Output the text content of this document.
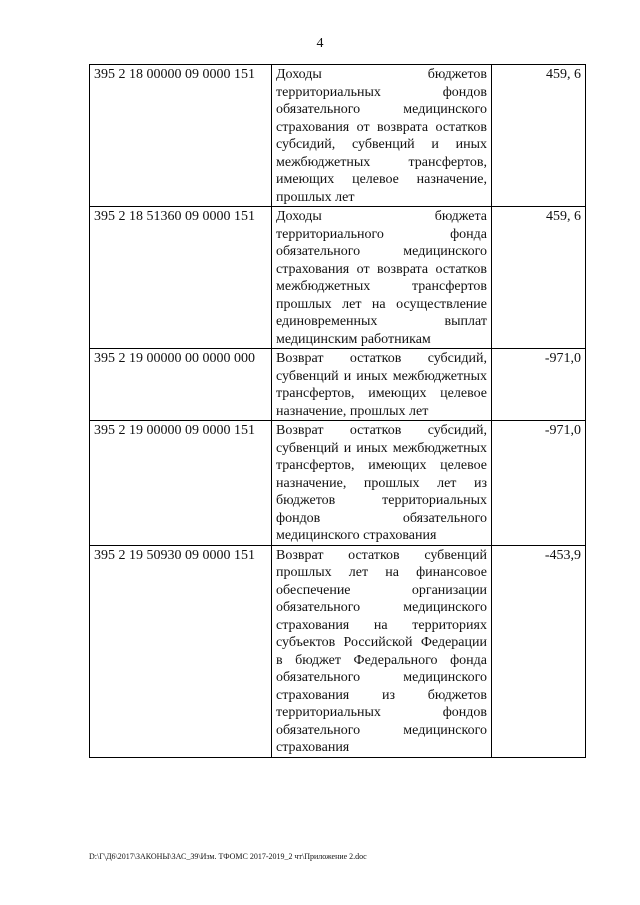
4
395 2 18 00000 09 0000 151	Доходы бюджетов территориальных фондов обязательного медицинского страхования от возврата остатков субсидий, субвенций и иных межбюджетных трансфертов, имеющих целевое назначение, прошлых лет	459, 6
395 2 18 51360 09 0000 151	Доходы бюджета территориального фонда обязательного медицинского страхования от возврата остатков межбюджетных трансфертов прошлых лет на осуществление единовременных выплат медицинским работникам	459, 6
395 2 19 00000 00 0000 000	Возврат остатков субсидий, субвенций и иных межбюджетных трансфертов, имеющих целевое назначение, прошлых лет	-971,0
395 2 19 00000 09 0000 151	Возврат остатков субсидий, субвенций и иных межбюджетных трансфертов, имеющих целевое назначение, прошлых лет из бюджетов территориальных фондов обязательного медицинского страхования	-971,0
395 2 19 50930 09 0000 151	Возврат остатков субвенций прошлых лет на финансовое обеспечение организации обязательного медицинского страхования на территориях субъектов Российской Федерации в бюджет Федерального фонда обязательного медицинского страхования из бюджетов территориальных фондов обязательного медицинского страхования	-453,9
D:\Г\Д6\2017\ЗАКОНЫ\ЗАС_39\Изм. ТФОМС 2017-2019_2 чт\Приложение 2.doc
